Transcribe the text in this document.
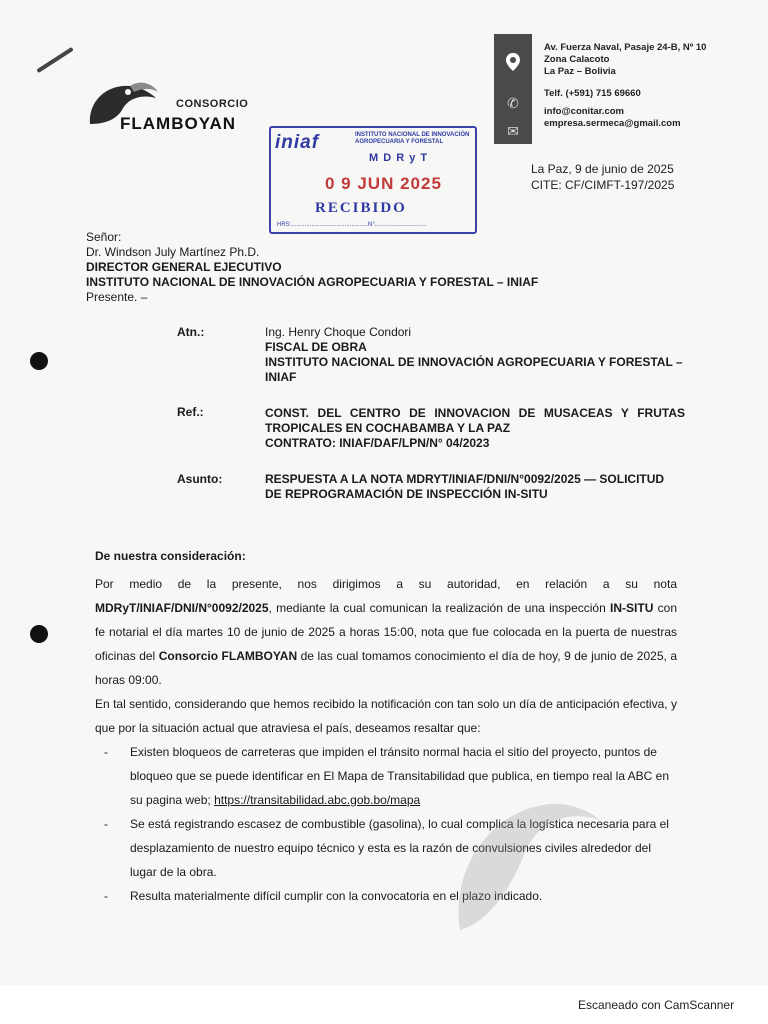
CONSORCIO
FLAMBOYAN
✆
✉
Av. Fuerza Naval, Pasaje 24-B, Nº 10
Zona Calacoto
La Paz – Bolivia
Telf. (+591) 715 69660
info@conitar.com
empresa.sermeca@gmail.com
iniaf	INSTITUTO NACIONAL DE INNOVACIÓN AGROPECUARIA Y FORESTAL
M D R y T
0 9 JUN 2025
RECIBIDO
HRS:..............................................N°...............................
La Paz, 9 de junio de 2025
CITE: CF/CIMFT-197/2025
Señor:
Dr. Windson July Martínez Ph.D.
DIRECTOR GENERAL EJECUTIVO
INSTITUTO NACIONAL DE INNOVACIÓN AGROPECUARIA Y FORESTAL – INIAF
Presente. –
Atn.:	Ing. Henry Choque Condori
FISCAL DE OBRA
INSTITUTO NACIONAL DE INNOVACIÓN AGROPECUARIA Y FORESTAL –
INIAF
Ref.:	CONST. DEL CENTRO DE INNOVACION DE MUSACEAS Y FRUTAS
TROPICALES EN COCHABAMBA Y LA PAZ
CONTRATO: INIAF/DAF/LPN/N° 04/2023
Asunto:	RESPUESTA A LA NOTA MDRYT/INIAF/DNI/N°0092/2025 — SOLICITUD
DE REPROGRAMACIÓN DE INSPECCIÓN IN-SITU
De nuestra consideración:
Por medio de la presente, nos dirigimos a su autoridad, en relación a su nota MDRyT/INIAF/DNI/N°0092/2025, mediante la cual comunican la realización de una inspección IN-SITU con fe notarial el día martes 10 de junio de 2025 a horas 15:00, nota que fue colocada en la puerta de nuestras oficinas del Consorcio FLAMBOYAN de las cual tomamos conocimiento el día de hoy, 9 de junio de 2025, a horas 09:00.
En tal sentido, considerando que hemos recibido la notificación con tan solo un día de anticipación efectiva, y que por la situación actual que atraviesa el país, deseamos resaltar que:
- Existen bloqueos de carreteras que impiden el tránsito normal hacia el sitio del proyecto, puntos de bloqueo que se puede identificar en El Mapa de Transitabilidad que publica, en tiempo real la ABC en su pagina web; https://transitabilidad.abc.gob.bo/mapa
- Se está registrando escasez de combustible (gasolina), lo cual complica la logística necesaria para el desplazamiento de nuestro equipo técnico y esta es la razón de convulsiones civiles alrededor del lugar de la obra.
- Resulta materialmente difícil cumplir con la convocatoria en el plazo indicado.
Escaneado con CamScanner
